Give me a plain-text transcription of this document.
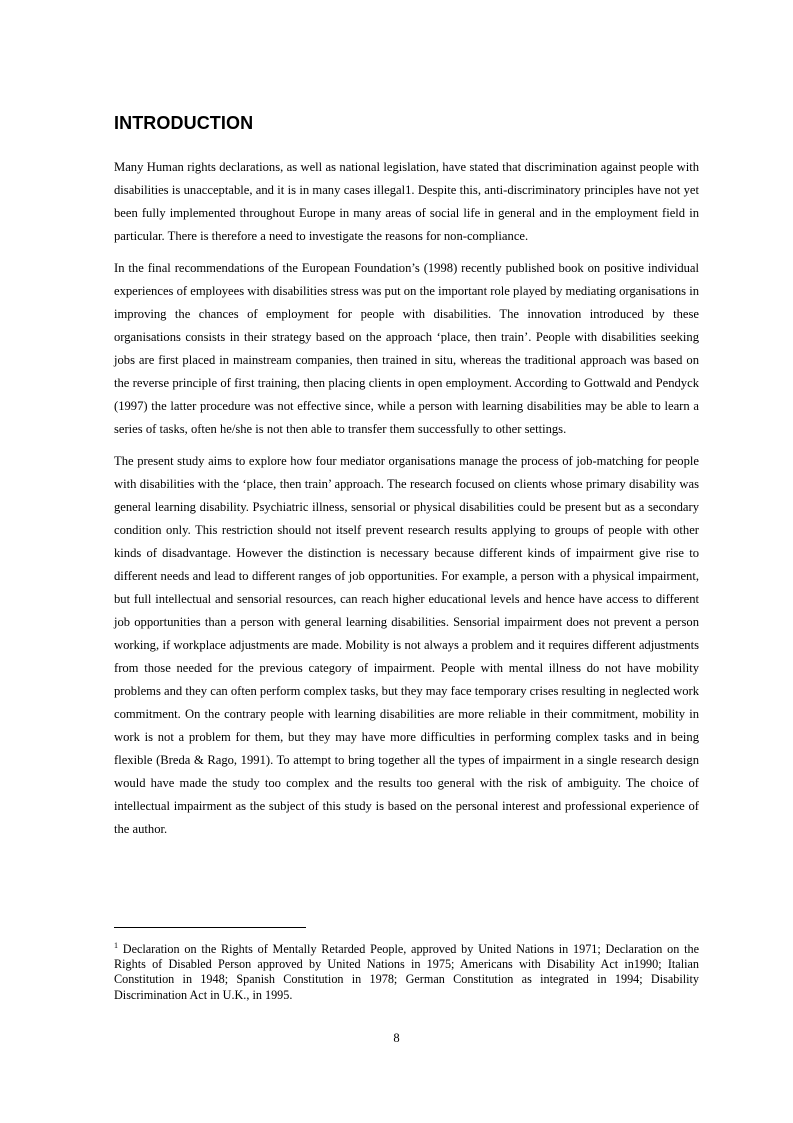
INTRODUCTION

Many Human rights declarations, as well as national legislation, have stated that discrimination against people with disabilities is unacceptable, and it is in many cases illegal1. Despite this, anti-discriminatory principles have not yet been fully implemented throughout Europe in many areas of social life in general and in the employment field in particular. There is therefore a need to investigate the reasons for non-compliance.

In the final recommendations of the European Foundation’s (1998) recently published book on positive individual experiences of employees with disabilities stress was put on the important role played by mediating organisations in improving the chances of employment for people with disabilities. The innovation introduced by these organisations consists in their strategy based on the approach ‘place, then train’. People with disabilities seeking jobs are first placed in mainstream companies, then trained in situ, whereas the traditional approach was based on the reverse principle of first training, then placing clients in open employment. According to Gottwald and Pendyck (1997) the latter procedure was not effective since, while a person with learning disabilities may be able to learn a series of tasks, often he/she is not then able to transfer them successfully to other settings.

The present study aims to explore how four mediator organisations manage the process of job-matching for people with disabilities with the ‘place, then train’ approach. The research focused on clients whose primary disability was general learning disability. Psychiatric illness, sensorial or physical disabilities could be present but as a secondary condition only. This restriction should not itself prevent research results applying to groups of people with other kinds of disadvantage. However the distinction is necessary because different kinds of impairment give rise to different needs and lead to different ranges of job opportunities. For example, a person with a physical impairment, but full intellectual and sensorial resources, can reach higher educational levels and hence have access to different job opportunities than a person with general learning disabilities. Sensorial impairment does not prevent a person working, if workplace adjustments are made. Mobility is not always a problem and it requires different adjustments from those needed for the previous category of impairment. People with mental illness do not have mobility problems and they can often perform complex tasks, but they may face temporary crises resulting in neglected work commitment. On the contrary people with learning disabilities are more reliable in their commitment, mobility in work is not a problem for them, but they may have more difficulties in performing complex tasks and in being flexible (Breda & Rago, 1991). To attempt to bring together all the types of impairment in a single research design would have made the study too complex and the results too general with the risk of ambiguity. The choice of intellectual impairment as the subject of this study is based on the personal interest and professional experience of the author.

$^1$ Declaration on the Rights of Mentally Retarded People, approved by United Nations in 1971; Declaration on the Rights of Disabled Person approved by United Nations in 1975; Americans with Disability Act in1990; Italian Constitution in 1948; Spanish Constitution in 1978; German Constitution as integrated in 1994; Disability Discrimination Act in U.K., in 1995.

8
